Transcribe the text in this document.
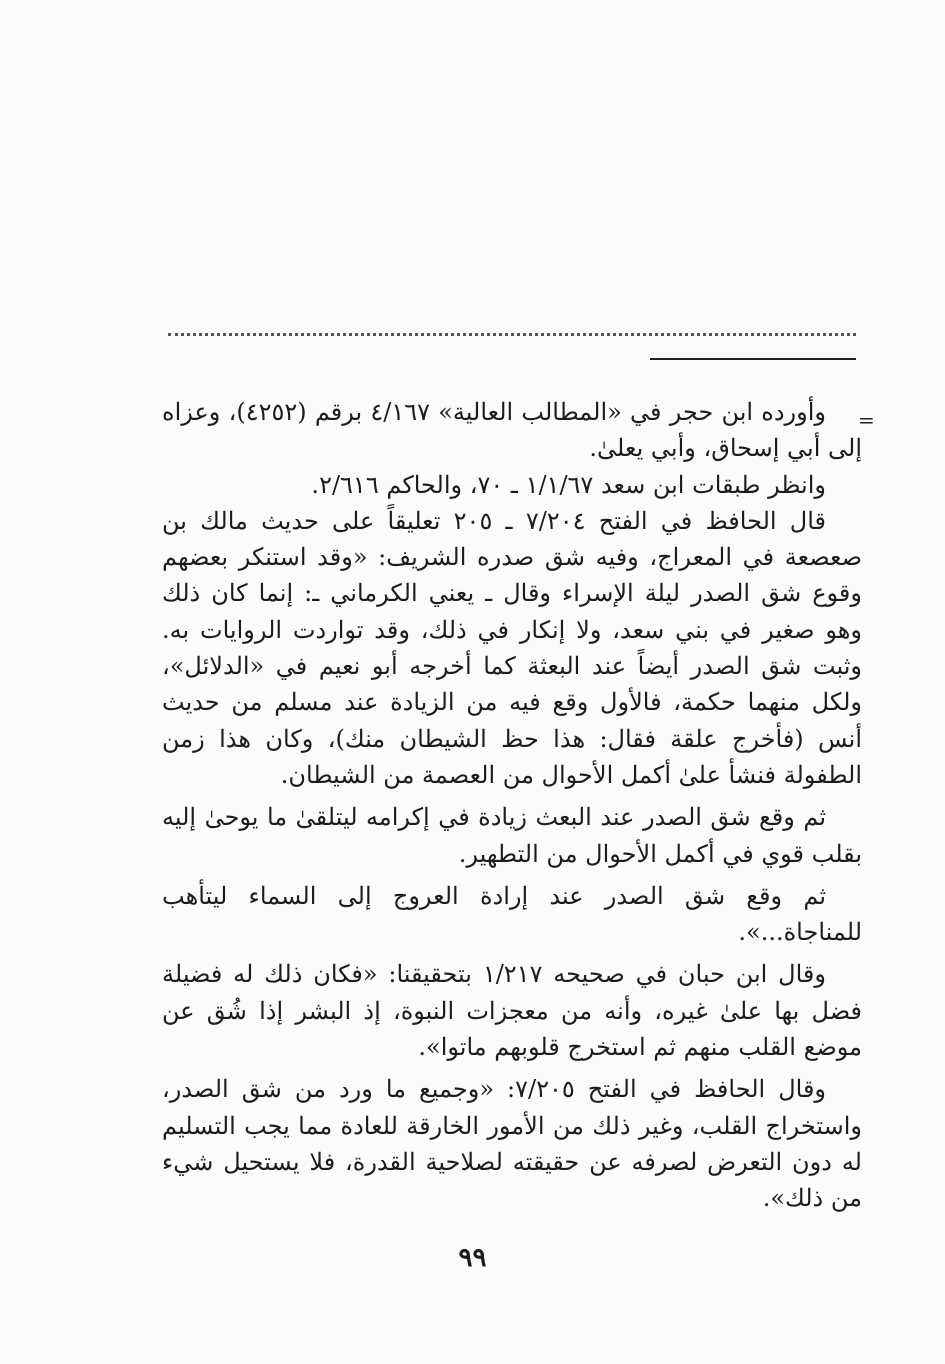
=

وأورده ابن حجر في «المطالب العالية» ٤/١٦٧ برقم (٤٢٥٢)، وعزاه إلى أبي إسحاق، وأبي يعلىٰ.

وانظر طبقات ابن سعد ١/١/٦٧ ـ ٧٠، والحاكم ٢/٦١٦.

قال الحافظ في الفتح ٧/٢٠٤ ـ ٢٠٥ تعليقاً على حديث مالك بن صعصعة في المعراج، وفيه شق صدره الشريف: «وقد استنكر بعضهم وقوع شق الصدر ليلة الإسراء وقال ـ يعني الكرماني ـ: إنما كان ذلك وهو صغير في بني سعد، ولا إنكار في ذلك، وقد تواردت الروايات به. وثبت شق الصدر أيضاً عند البعثة كما أخرجه أبو نعيم في «الدلائل»، ولكل منهما حكمة، فالأول وقع فيه من الزيادة عند مسلم من حديث أنس (فأخرج علقة فقال: هذا حظ الشيطان منك)، وكان هذا زمن الطفولة فنشأ علىٰ أكمل الأحوال من العصمة من الشيطان.

ثم وقع شق الصدر عند البعث زيادة في إكرامه ليتلقىٰ ما يوحىٰ إليه بقلب قوي في أكمل الأحوال من التطهير.

ثم وقع شق الصدر عند إرادة العروج إلى السماء ليتأهب للمناجاة...».

وقال ابن حبان في صحيحه ١/٢١٧ بتحقيقنا: «فكان ذلك له فضيلة فضل بها علىٰ غيره، وأنه من معجزات النبوة، إذ البشر إذا شُق عن موضع القلب منهم ثم استخرج قلوبهم ماتوا».

وقال الحافظ في الفتح ٧/٢٠٥: «وجميع ما ورد من شق الصدر، واستخراج القلب، وغير ذلك من الأمور الخارقة للعادة مما يجب التسليم له دون التعرض لصرفه عن حقيقته لصلاحية القدرة، فلا يستحيل شيء من ذلك».

٩٩
